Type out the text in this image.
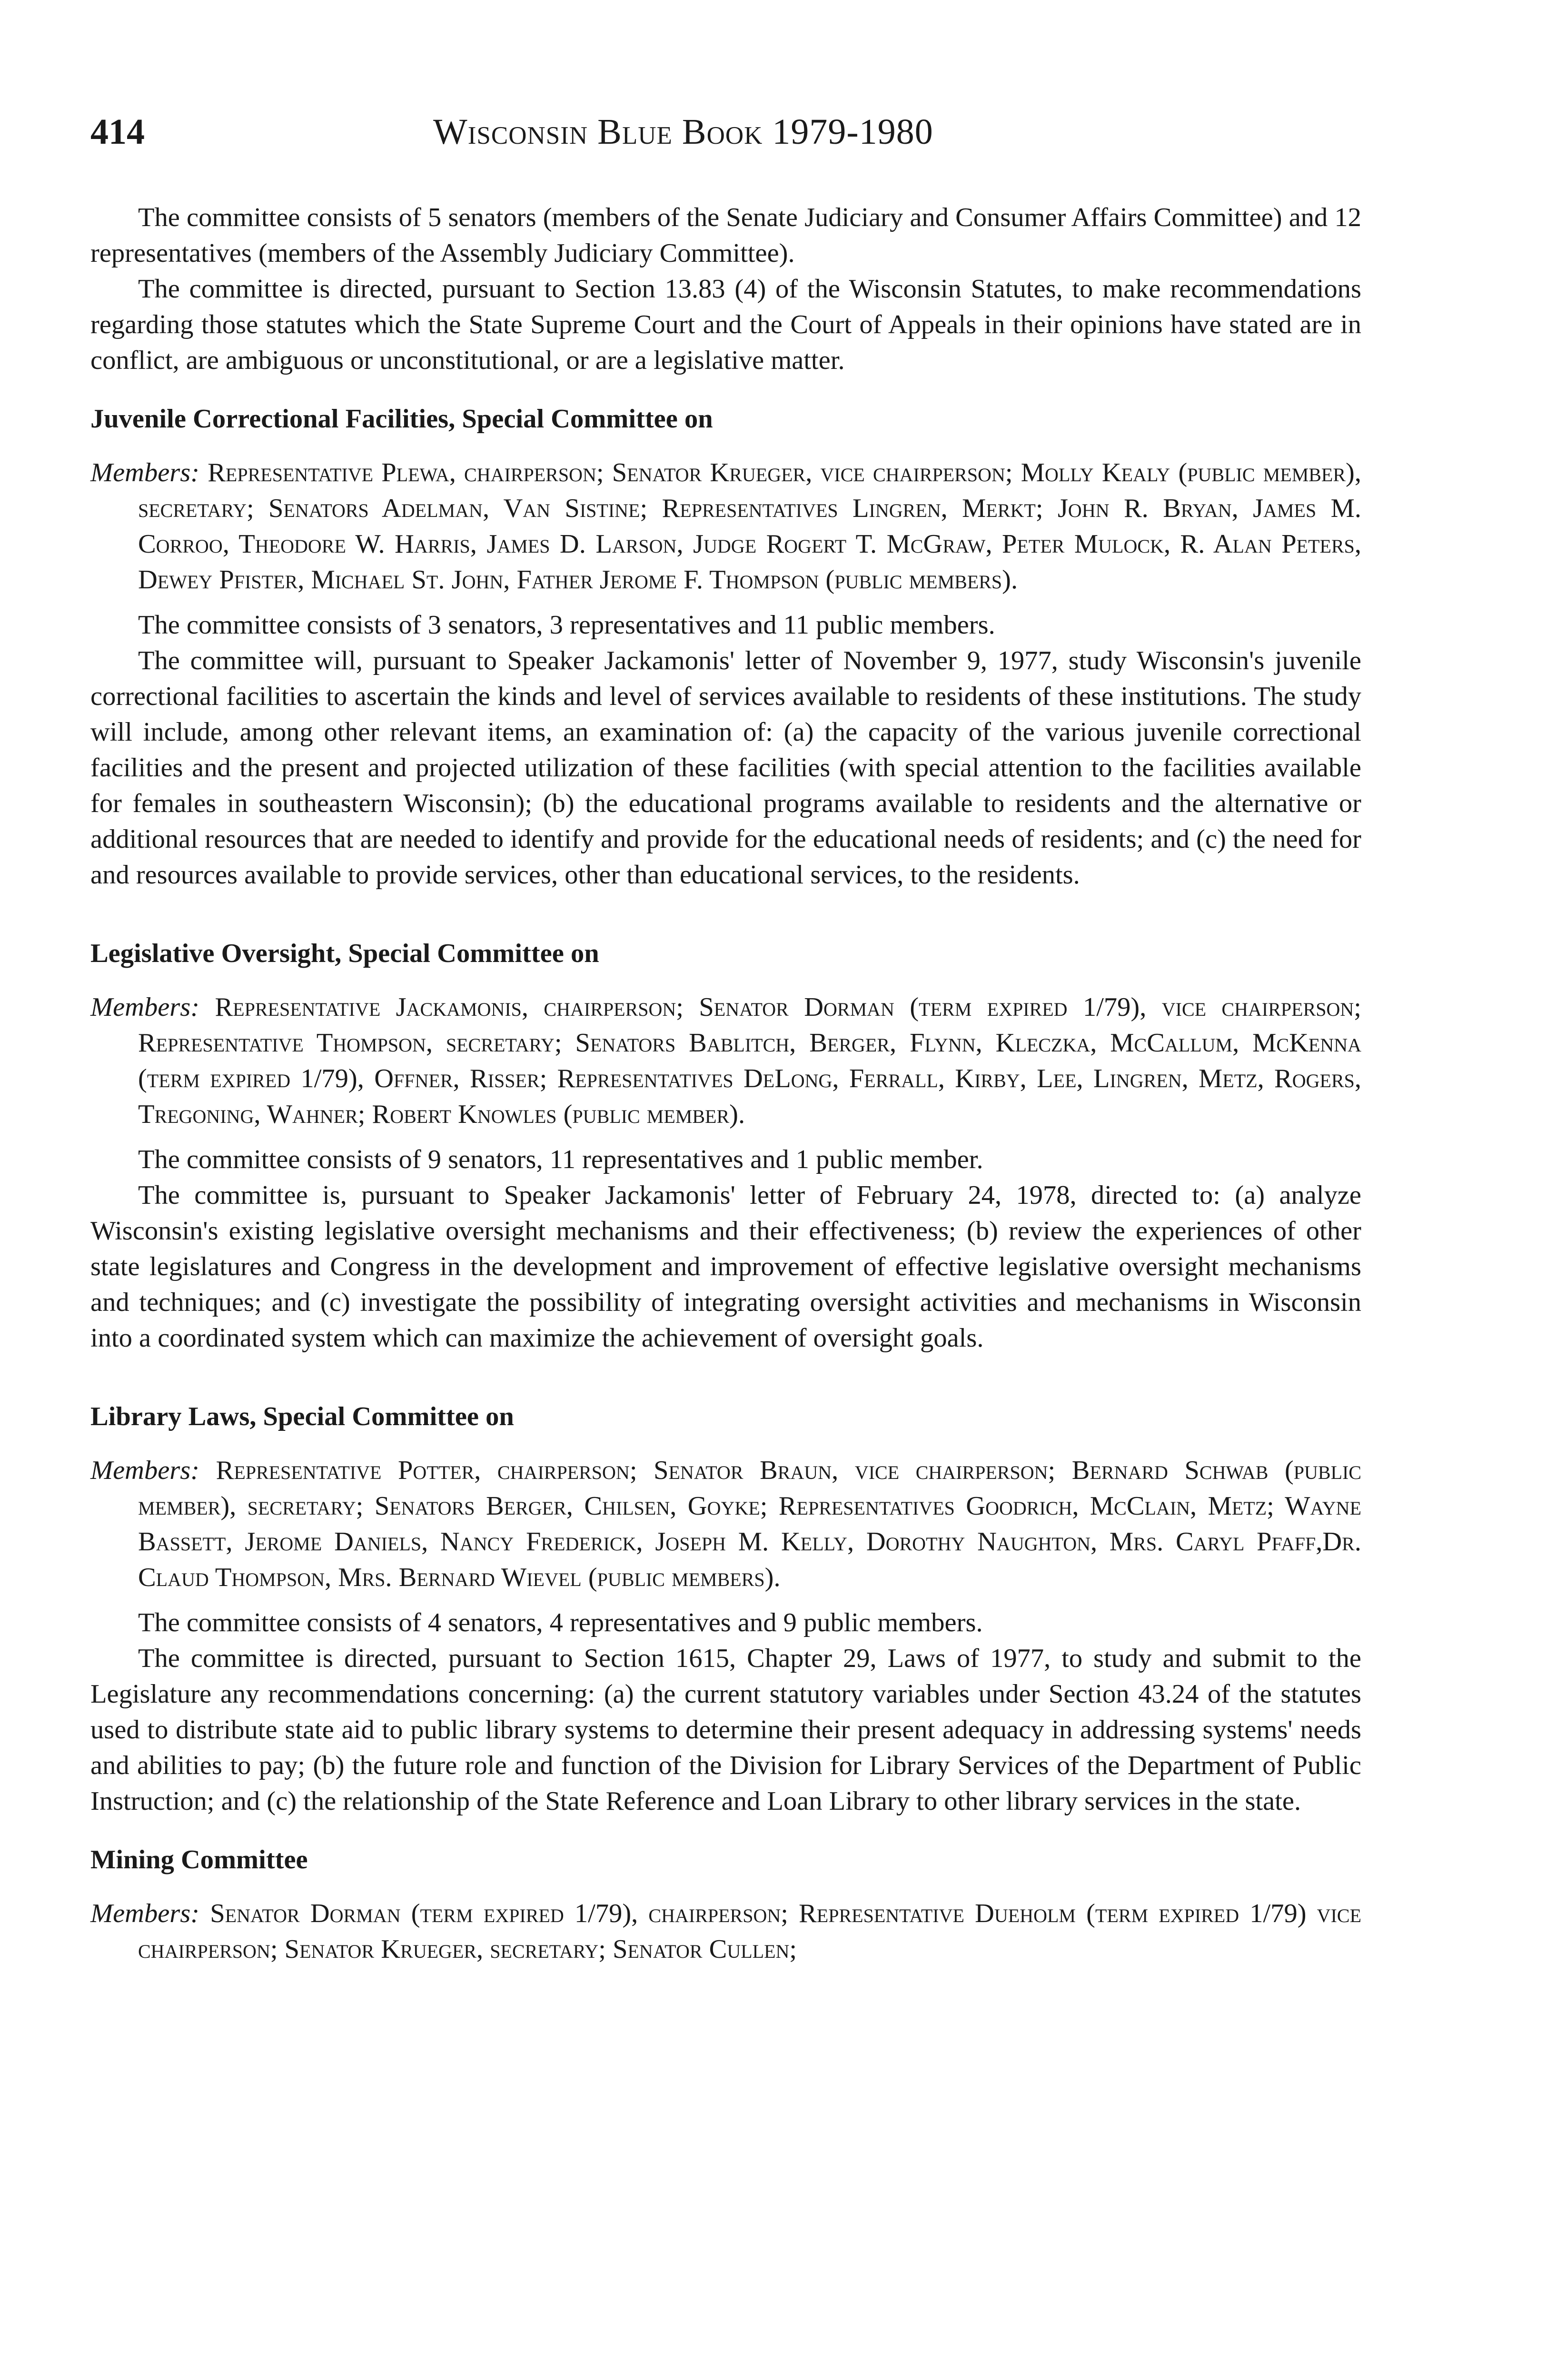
414	Wisconsin Blue Book 1979-1980

The committee consists of 5 senators (members of the Senate Judiciary and Consumer Affairs Committee) and 12 representatives (members of the Assembly Judiciary Committee).

The committee is directed, pursuant to Section 13.83 (4) of the Wisconsin Statutes, to make recommendations regarding those statutes which the State Supreme Court and the Court of Appeals in their opinions have stated are in conflict, are ambiguous or unconstitutional, or are a legislative matter.

Juvenile Correctional Facilities, Special Committee on

Members: Representative Plewa, chairperson; Senator Krueger, vice chairperson; Molly Kealy (public member), secretary; Senators Adelman, Van Sistine; Representatives Lingren, Merkt; John R. Bryan, James M. Corroo, Theodore W. Harris, James D. Larson, Judge Rogert T. McGraw, Peter Mulock, R. Alan Peters, Dewey Pfister, Michael St. John, Father Jerome F. Thompson (public members).

The committee consists of 3 senators, 3 representatives and 11 public members.

The committee will, pursuant to Speaker Jackamonis' letter of November 9, 1977, study Wisconsin's juvenile correctional facilities to ascertain the kinds and level of services available to residents of these institutions. The study will include, among other relevant items, an examination of: (a) the capacity of the various juvenile correctional facilities and the present and projected utilization of these facilities (with special attention to the facilities available for females in southeastern Wisconsin); (b) the educational programs available to residents and the alternative or additional resources that are needed to identify and provide for the educational needs of residents; and (c) the need for and resources available to provide services, other than educational services, to the residents.

Legislative Oversight, Special Committee on

Members: Representative Jackamonis, chairperson; Senator Dorman (term expired 1/79), vice chairperson; Representative Thompson, secretary; Senators Bablitch, Berger, Flynn, Kleczka, McCallum, McKenna (term expired 1/79), Offner, Risser; Representatives DeLong, Ferrall, Kirby, Lee, Lingren, Metz, Rogers, Tregoning, Wahner; Robert Knowles (public member).

The committee consists of 9 senators, 11 representatives and 1 public member.

The committee is, pursuant to Speaker Jackamonis' letter of February 24, 1978, directed to: (a) analyze Wisconsin's existing legislative oversight mechanisms and their effectiveness; (b) review the experiences of other state legislatures and Congress in the development and improvement of effective legislative oversight mechanisms and techniques; and (c) investigate the possibility of integrating oversight activities and mechanisms in Wisconsin into a coordinated system which can maximize the achievement of oversight goals.

Library Laws, Special Committee on

Members: Representative Potter, chairperson; Senator Braun, vice chairperson; Bernard Schwab (public member), secretary; Senators Berger, Chilsen, Goyke; Representatives Goodrich, McClain, Metz; Wayne Bassett, Jerome Daniels, Nancy Frederick, Joseph M. Kelly, Dorothy Naughton, Mrs. Caryl Pfaff,Dr. Claud Thompson, Mrs. Bernard Wievel (public members).

The committee consists of 4 senators, 4 representatives and 9 public members.

The committee is directed, pursuant to Section 1615, Chapter 29, Laws of 1977, to study and submit to the Legislature any recommendations concerning: (a) the current statutory variables under Section 43.24 of the statutes used to distribute state aid to public library systems to determine their present adequacy in addressing systems' needs and abilities to pay; (b) the future role and function of the Division for Library Services of the Department of Public Instruction; and (c) the relationship of the State Reference and Loan Library to other library services in the state.

Mining Committee

Members: Senator Dorman (term expired 1/79), chairperson; Representative Dueholm (term expired 1/79) vice chairperson; Senator Krueger, secretary; Senator Cullen;
